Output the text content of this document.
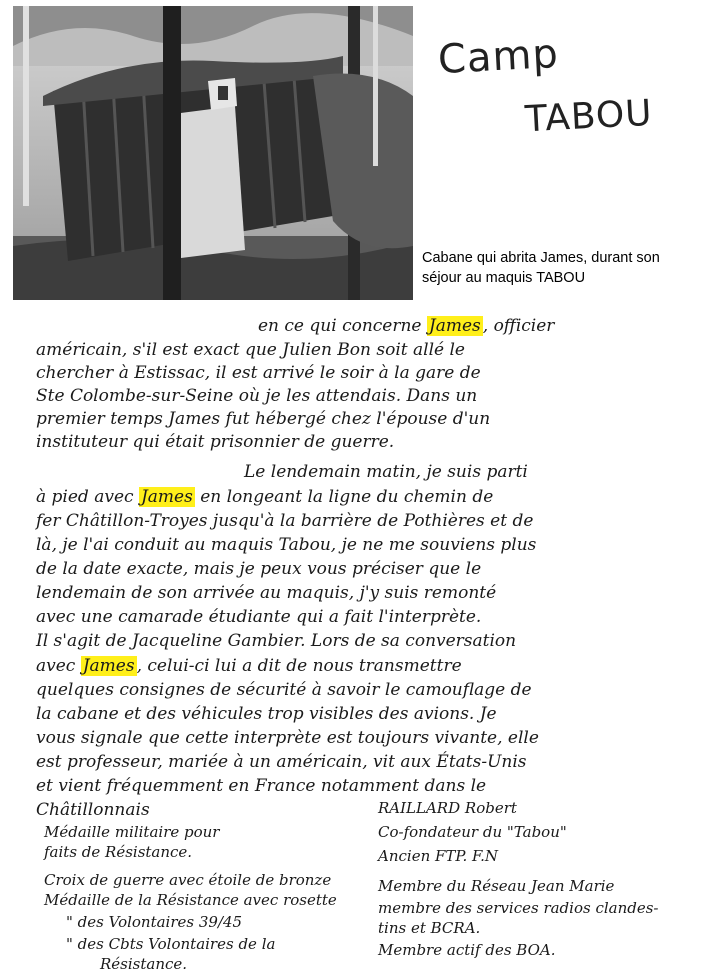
Camp
TABOU
Cabane qui abrita James, durant son
séjour au maquis TABOU
en ce qui concerne James , officier
américain, s'il est exact que Julien Bon soit allé le
chercher à Estissac, il est arrivé le soir à la gare de
Ste Colombe-sur-Seine où je les attendais. Dans un
premier temps James fut hébergé chez l'épouse d'un
instituteur qui était prisonnier de guerre.
Le lendemain matin, je suis parti
à pied avec James en longeant la ligne du chemin de
fer Châtillon-Troyes jusqu'à la barrière de Pothières et de
là, je l'ai conduit au maquis Tabou, je ne me souviens plus
de la date exacte, mais je peux vous préciser que le
lendemain de son arrivée au maquis, j'y suis remonté
avec une camarade étudiante qui a fait l'interprète.
Il s'agit de Jacqueline Gambier. Lors de sa conversation
avec James , celui-ci lui a dit de nous transmettre
quelques consignes de sécurité à savoir le camouflage de
la cabane et des véhicules trop visibles des avions. Je
vous signale que cette interprète est toujours vivante, elle
est professeur, mariée à un américain, vit aux États-Unis
et vient fréquemment en France notamment dans le
Châtillonnais	RAILLARD Robert
Co-fondateur du "Tabou"
Ancien FTP. F.N
Membre du Réseau Jean Marie
membre des services radios clandes-
tins et BCRA.
Membre actif des BOA.
Médaille militaire pour
faits de Résistance.
Croix de guerre avec étoile de bronze
Médaille de la Résistance avec rosette
" des Volontaires 39/45
" des Cbts Volontaires de la
Résistance.
